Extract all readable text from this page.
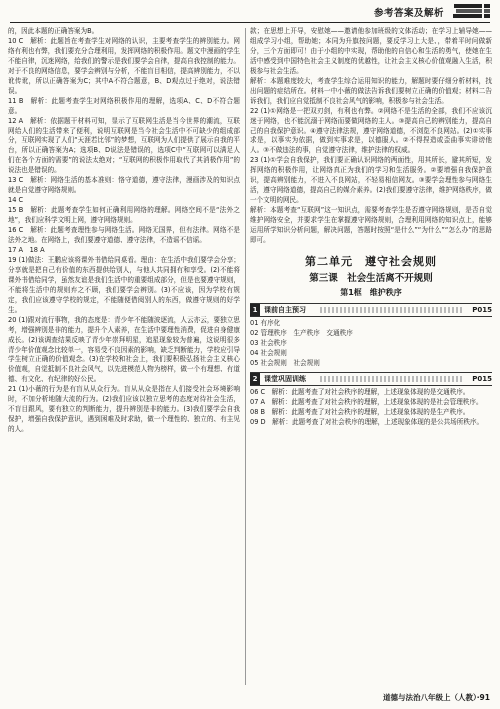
参考答案及解析

的，因此本题的正确答案为B。

10 C　解析：此题旨在考查学生对网络的认识，主要考查学生的辨别能力。网络有利也有弊，我们要充分合理利用，发挥网络的积极作用。题文中漫画的学生不能自律，沉迷网络，给我们的警示是我们要学会自律，提高自我控制的能力。对于不良的网络信息，要学会辨别与分析，不能盲目相信，提高辨别能力，不以讹传讹，所以正确答案为C；其中A不符合题意，B、D观点过于绝对，说法错误。

11 B　解析：此题考查学生对网络积极作用的理解，选项A、C、D不符合题意。

12 A　解析：依据题干材料可知，显示了互联网生活是当今世界的潮流，互联网给人们的生活带来了便利，说明互联网是当今社会生活中不可缺少的组成部分，互联网实现了人们“天涯若比邻”的梦想，互联网为人们提供了展示自我的平台，所以正确答案为A；选项B、D说法是错误的，选项C中“互联网可以满足人们在各个方面的需要”的说法太绝对；“互联网的积极作用取代了其消极作用”的说法也是错误的。

13 C　解析：网络生活的基本准则：恪守道德，遵守法律，漫画涉及的知识点就是自觉遵守网络规则。

14 C

15 B　解析：此题考查学生如何正确利用网络的理解。网络空间不是“法外之地”，我们应科学文明上网，遵守网络规则。

16 C　解析：此题考查理性参与网络生活。网络无国界，但有法律。网络不是法外之地。在网络上，我们要遵守道德、遵守法律，不造谣不信谣。

17 A　18 A

19 (1)做法：王鹏应该将课外书借给同桌看。理由：在生活中我们要学会分享；分享就是把自己有价值的东西提供给别人，与他人共同拥有和享受。(2)不能将课外书借给同学，虽然友谊是我们生活中的重要组成部分，但是也要遵守规则，不能将生活中的规则弃之不顾，我们要学会辨别。(3)不应该，因为学校有规定，我们应该遵守学校的规定，不能随便借阅别人的东西，做遵守规则的好学生。

20 (1)跟对流行事物，我的态度是：青少年不能随波逐流，人云亦云，要独立思考，增强辨别是非的能力，提升个人素养，在生活中要理性消费，促进自身健康成长。(2)该调查结果反映了青少年崇拜明星，追星现象较为普遍，这说明很多青少年价值观念比较单一，容易受不良因素的影响，缺乏判断能力，学校应引导学生树立正确的价值观念。(3)在学校和社会上，我们要积极弘扬社会主义核心价值观，自觉抵制不良社会风气，以先进模范人物为榜样，做一个有理想、有道德、有文化、有纪律的好公民。

21 (1)小薇的行为是有盲从从众行为。盲从从众是指在人们接受社会环境影响时，不加分析地随大流的行为。(2)我们应该以独立思考的态度对待社会生活，不盲目跟风，要有独立的判断能力，提升辨别是非的能力。(3)我们要学会自我保护，增强自我保护意识，遇到困难及时求助，做一个理性的、独立的、有主见的人。

款；在思想上开导，安慰她——邀请他参加班级的文体活动；在学习上辅导她——组成学习小组，帮助她；本同为升旗按问题，要反学习上大是、，带着平时问做新分，三个方面即可！由于小组的中实现，帮助他的自信心和生活的勇气，使她在生活中感受到中国特色社会主义制度的优越性，让社会主义核心价值观融入生活，积极参与社会生活。

解析：本题难度较大，考查学生综合运用知识的能力，解题时要仔细分析材料，找出问题的症结所在。材料一中小薇的做法告诉我们要树立正确的价值观；材料二告诉我们，我们应自觉抵制不良社会风气的影响，积极参与社会生活。

22 (1)①网络是一把双刃剑，有利也有弊。②网络不是生活的全部，我们不应该沉迷于网络，也不能沉溺于网络而要做网络的主人。③提高自己的辨别能力，提高自己的自我保护意识。④遵守法律法规，遵守网络道德，不浏览不良网站。(2)①实事求是，以事实为依据，做到实事求是，以德服人。②不得捏造或歪曲事实诽谤他人。③不做违法的事，自觉遵守法律，维护法律的权威。

23 (1)①学会自我保护，我们要正确认识网络的两面性，用其所长，避其所短，发挥网络的积极作用，让网络真正为我们的学习和生活服务。②要增强自我保护意识，提高辨别能力，不进入不良网站，不轻易相信网友。③要学会理性参与网络生活，遵守网络道德，提高自己的媒介素养。(2)我们要遵守法律，维护网络秩序，做一个文明的网民。

解析：本题考查“互联网”这一知识点，需要考查学生是否遵守网络规则，是否自觉维护网络安全，并要求学生在掌握遵守网络规则，合理利用网络的知识点上，能够运用所学知识分析问题，解决问题，答题时按照“是什么”“为什么”“怎么办”的思路即可。

第二单元　遵守社会规则
第三课　社会生活离不开规则
第1框　维护秩序
1 课前自主预习	P015

01 有序化

02 管理秩序　生产秩序　交通秩序

03 社会秩序

04 社会规则

05 社会规则　社会规则

2 课堂巩固训练	P015

06 C　解析：此题考查了对社会秩序的理解，上述现象体现的是交通秩序。

07 A　解析：此题考查了对社会秩序的理解，上述现象体现的是社会管理秩序。

08 B　解析：此题考查了对社会秩序的理解，上述现象体现的是生产秩序。

09 D　解析：此题考查了对社会秩序的理解，上述现象体现的是公共场所秩序。

道德与法治八年级上（人教）·91
